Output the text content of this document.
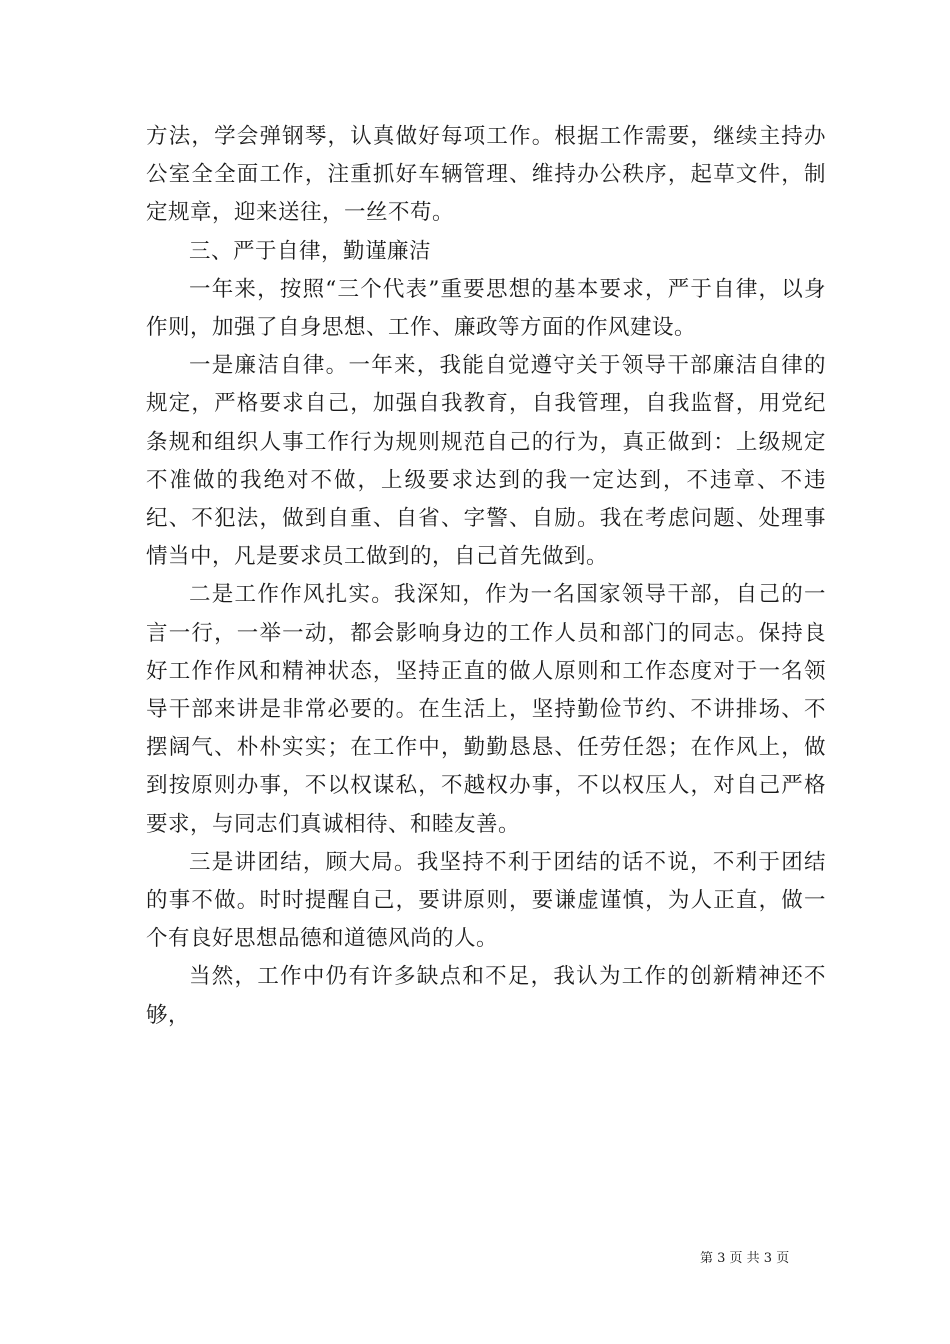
方法，学会弹钢琴，认真做好每项工作。根据工作需要，继续主持办公室全全面工作，注重抓好车辆管理、维持办公秩序，起草文件，制定规章，迎来送往，一丝不苟。

三、严于自律，勤谨廉洁

一年来，按照“三个代表”重要思想的基本要求，严于自律，以身作则，加强了自身思想、工作、廉政等方面的作风建设。

一是廉洁自律。一年来，我能自觉遵守关于领导干部廉洁自律的规定，严格要求自己，加强自我教育，自我管理，自我监督，用党纪条规和组织人事工作行为规则规范自己的行为，真正做到：上级规定不准做的我绝对不做，上级要求达到的我一定达到，不违章、不违纪、不犯法，做到自重、自省、字警、自励。我在考虑问题、处理事情当中，凡是要求员工做到的，自己首先做到。

二是工作作风扎实。我深知，作为一名国家领导干部，自己的一言一行，一举一动，都会影响身边的工作人员和部门的同志。保持良好工作作风和精神状态，坚持正直的做人原则和工作态度对于一名领导干部来讲是非常必要的。在生活上，坚持勤俭节约、不讲排场、不摆阔气、朴朴实实；在工作中，勤勤恳恳、任劳任怨；在作风上，做到按原则办事，不以权谋私，不越权办事，不以权压人，对自己严格要求，与同志们真诚相待、和睦友善。

三是讲团结，顾大局。我坚持不利于团结的话不说，不利于团结的事不做。时时提醒自己，要讲原则，要谦虚谨慎，为人正直，做一个有良好思想品德和道德风尚的人。

当然，工作中仍有许多缺点和不足，我认为工作的创新精神还不够，

第 3 页 共 3 页
